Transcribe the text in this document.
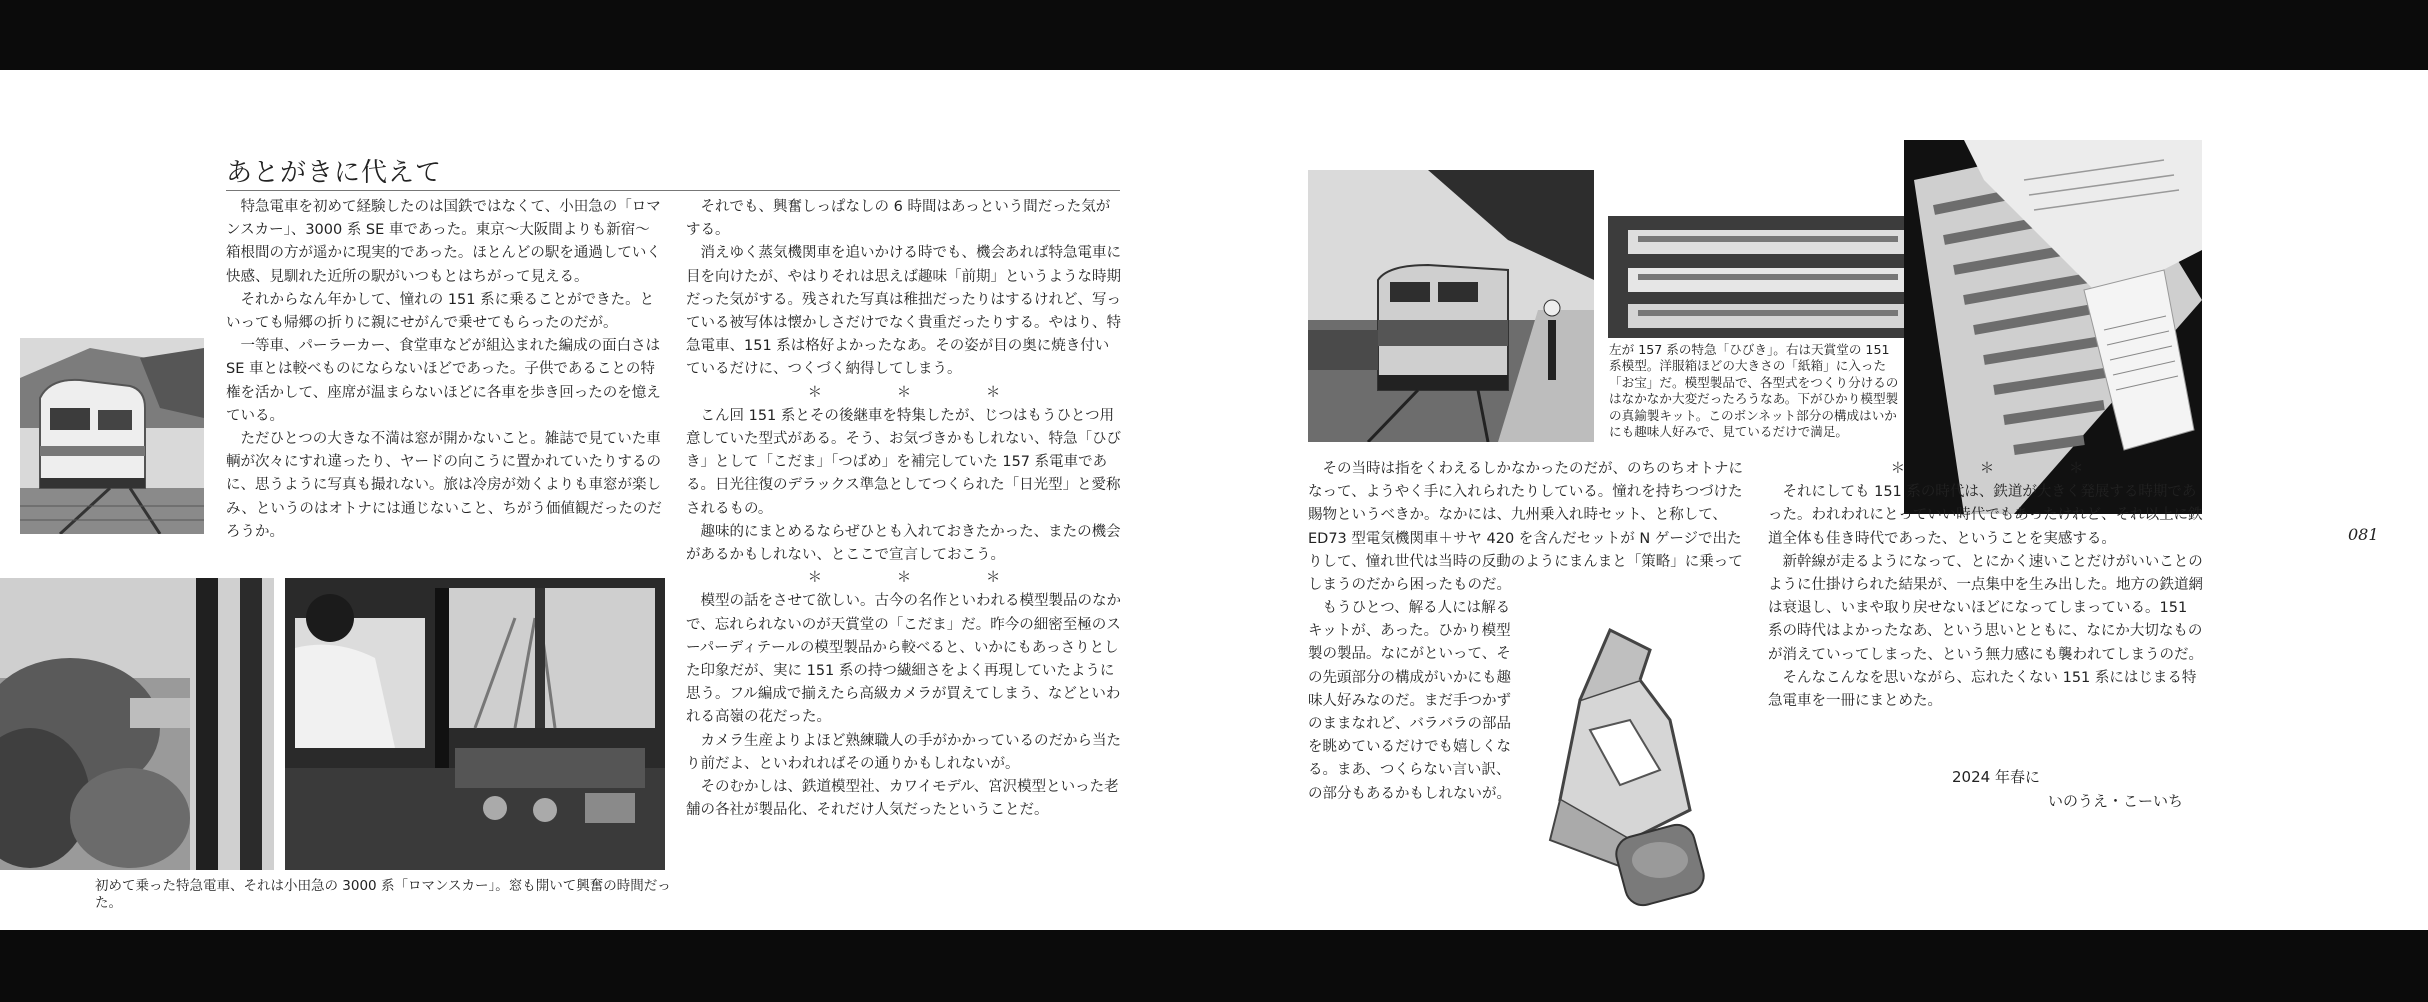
あとがきに代えて
初めて乗った特急電車、それは小田急の 3000 系「ロマンスカー」。窓も開いて興奮の時間だった。

特急電車を初めて経験したのは国鉄ではなくて、小田急の「ロマンスカー」、3000 系 SE 車であった。東京〜大阪間よりも新宿〜箱根間の方が遥かに現実的であった。ほとんどの駅を通過していく快感、見馴れた近所の駅がいつもとはちがって見える。

それからなん年かして、憧れの 151 系に乗ることができた。といっても帰郷の折りに親にせがんで乗せてもらったのだが。

一等車、パーラーカー、食堂車などが組込まれた編成の面白さは SE 車とは較べものにならないほどであった。子供であることの特権を活かして、座席が温まらないほどに各車を歩き回ったのを憶えている。

ただひとつの大きな不満は窓が開かないこと。雑誌で見ていた車輌が次々にすれ違ったり、ヤードの向こうに置かれていたりするのに、思うように写真も撮れない。旅は冷房が効くよりも車窓が楽しみ、というのはオトナには通じないこと、ちがう価値観だったのだろうか。

それでも、興奮しっぱなしの 6 時間はあっという間だった気がする。

消えゆく蒸気機関車を追いかける時でも、機会あれば特急電車に目を向けたが、やはりそれは思えば趣味「前期」というような時期だった気がする。残された写真は稚拙だったりはするけれど、写っている被写体は懐かしさだけでなく貴重だったりする。やはり、特急電車、151 系は格好よかったなあ。その姿が目の奥に焼き付いているだけに、つくづく納得してしまう。

＊ ＊ ＊

こん回 151 系とその後継車を特集したが、じつはもうひとつ用意していた型式がある。そう、お気づきかもしれない、特急「ひびき」として「こだま」「つばめ」を補完していた 157 系電車である。日光往復のデラックス準急としてつくられた「日光型」と愛称されるもの。

趣味的にまとめるならぜひとも入れておきたかった、またの機会があるかもしれない、とここで宣言しておこう。

＊ ＊ ＊

模型の話をさせて欲しい。古今の名作といわれる模型製品のなかで、忘れられないのが天賞堂の「こだま」だ。昨今の細密至極のスーパーディテールの模型製品から較べると、いかにもあっさりとした印象だが、実に 151 系の持つ繊細さをよく再現していたように思う。フル編成で揃えたら高級カメラが買えてしまう、などといわれる高嶺の花だった。

カメラ生産よりよほど熟練職人の手がかかっているのだから当たり前だよ、といわれればその通りかもしれないが。

そのむかしは、鉄道模型社、カワイモデル、宮沢模型といった老舗の各社が製品化、それだけ人気だったということだ。

左が 157 系の特急「ひびき」。右は天賞堂の 151 系模型。洋服箱ほどの大きさの「紙箱」に入った「お宝」だ。模型製品で、各型式をつくり分けるのはなかなか大変だったろうなあ。下がひかり模型製の真鍮製キット。このボンネット部分の構成はいかにも趣味人好みで、見ているだけで満足。

その当時は指をくわえるしかなかったのだが、のちのちオトナになって、ようやく手に入れられたりしている。憧れを持ちつづけた賜物というべきか。なかには、九州乗入れ時セット、と称して、ED73 型電気機関車＋サヤ 420 を含んだセットが N ゲージで出たりして、憧れ世代は当時の反動のようにまんまと「策略」に乗ってしまうのだから困ったものだ。

もうひとつ、解る人には解るキットが、あった。ひかり模型製の製品。なにがといって、その先頭部分の構成がいかにも趣味人好みなのだ。まだ手つかずのままなれど、バラバラの部品を眺めているだけでも嬉しくなる。まあ、つくらない言い訳、の部分もあるかもしれないが。

＊ ＊ ＊

それにしても 151 系の時代は、鉄道が大きく発展する時期であった。われわれにとっていい時代でもあったけれど、それ以上に鉄道全体も佳き時代であった、ということを実感する。

新幹線が走るようになって、とにかく速いことだけがいいことのように仕掛けられた結果が、一点集中を生み出した。地方の鉄道網は衰退し、いまや取り戻せないほどになってしまっている。151 系の時代はよかったなあ、という思いとともに、なにか大切なものが消えていってしまった、という無力感にも襲われてしまうのだ。

そんなこんなを思いながら、忘れたくない 151 系にはじまる特急電車を一冊にまとめた。

2024 年春に
いのうえ・こーいち
081
